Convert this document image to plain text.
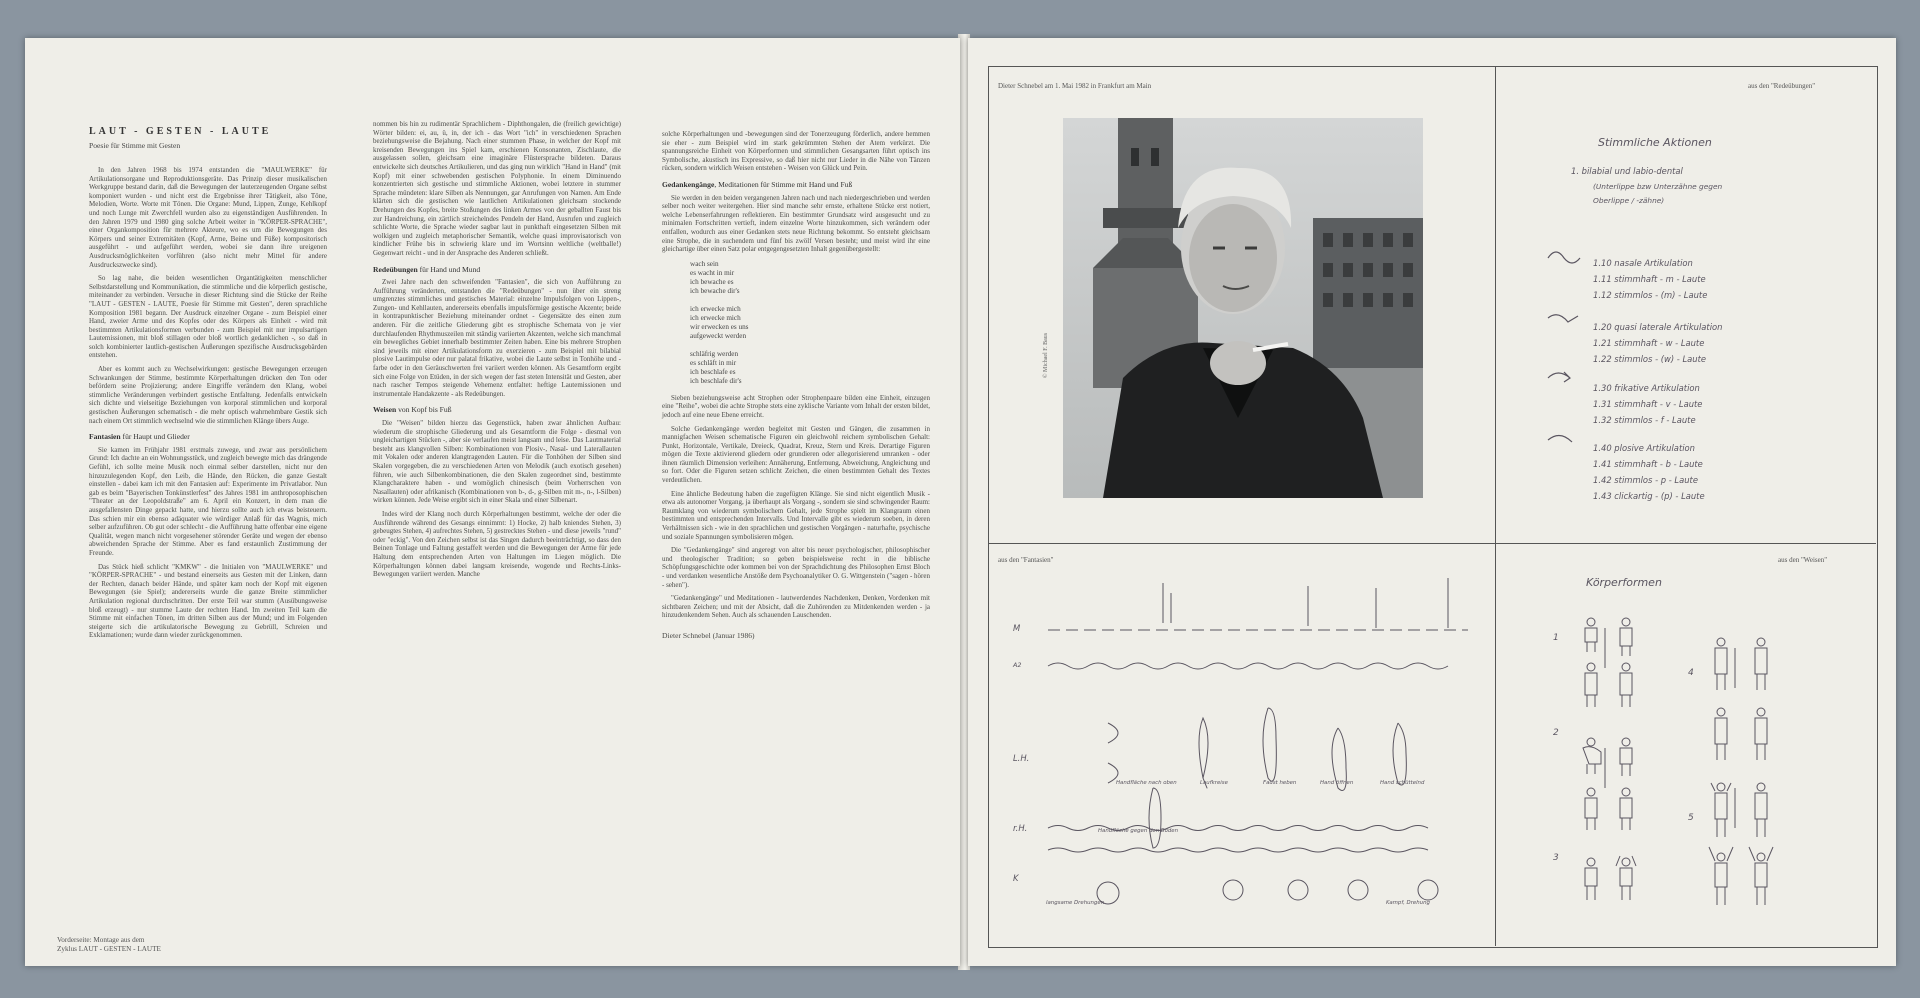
LAUT - GESTEN - LAUTE
Poesie für Stimme mit Gesten

In den Jahren 1968 bis 1974 entstanden die "MAULWERKE" für Artikulationsorgane und Reproduktionsgeräte. Das Prinzip dieser musikalischen Werkgruppe bestand darin, daß die Bewegungen der lauterzeugenden Organe selbst komponiert wurden - und nicht erst die Ergebnisse ihrer Tätigkeit, also Töne, Melodien, Worte. Worte mit Tönen. Die Organe: Mund, Lippen, Zunge, Kehlkopf und noch Lunge mit Zwerchfell wurden also zu eigenständigen Ausführenden. In den Jahren 1979 und 1980 ging solche Arbeit weiter in "KÖRPER-SPRACHE", einer Organkomposition für mehrere Akteure, wo es um die Bewegungen des Körpers und seiner Extremitäten (Kopf, Arme, Beine und Füße) kompositorisch ausgeführt - und aufgeführt werden, wobei sie dann ihre ureigenen Ausdrucksmöglichkeiten vorführen (also nicht mehr Mittel für andere Ausdruckszwecke sind).

So lag nahe, die beiden wesentlichen Organtätigkeiten menschlicher Selbstdarstellung und Kommunikation, die stimmliche und die körperlich gestische, miteinander zu verbinden. Versuche in dieser Richtung sind die Stücke der Reihe "LAUT - GESTEN - LAUTE, Poesie für Stimme mit Gesten", deren sprachliche Komposition 1981 begann. Der Ausdruck einzelner Organe - zum Beispiel einer Hand, zweier Arme und des Kopfes oder des Körpers als Einheit - wird mit bestimmten Artikulationsformen verbunden - zum Beispiel mit nur impulsartigen Lautemissionen, mit bloß stillagen oder bloß wortlich gedanklichen -, so daß in solch kombinierter lautlich-gestischen Äußerungen spezifische Ausdrucksgebärden entstehen.

Aber es kommt auch zu Wechselwirkungen: gestische Bewegungen erzeugen Schwankungen der Stimme, bestimmte Körperhaltungen drücken den Ton oder befördern seine Projizierung; andere Eingriffe verändern den Klang, wobei stimmliche Veränderungen verbindert gestische Entfaltung. Jedenfalls entwickeln sich dichte und vielseitige Beziehungen von korporal stimmlichen und korporal gestischen Äußerungen schematisch - die mehr optisch wahrnehmbare Gestik sich nach einem Ort stimmlich wechselnd wie die stimmlichen Klänge übers Auge.

Fantasien für Haupt und Glieder

Sie kamen im Frühjahr 1981 erstmals zuwege, und zwar aus persönlichem Grund: Ich dachte an ein Wohnungsstück, und zugleich bewegte mich das drängende Gefühl, ich sollte meine Musik noch einmal selber darstellen, nicht nur den hinzuzulegenden Kopf, den Leib, die Hände, den Rücken, die ganze Gestalt einstellen - dabei kam ich mit den Fantasien auf: Experimente im Privatlabor. Nun gab es beim "Bayerischen Tonkünstlerfest" des Jahres 1981 im anthroposophischen "Theater an der Leopoldstraße" am 6. April ein Konzert, in dem man die ausgefallensten Dinge gepackt hatte, und hierzu sollte auch ich etwas beisteuern. Das schien mir ein ebenso adäquater wie würdiger Anlaß für das Wagnis, mich selber aufzuführen. Ob gut oder schlecht - die Aufführung hatte offenbar eine eigene Qualität, wegen manch nicht vorgesehener störender Geräte und wegen der ebenso abweichenden Sprache der Stimme. Aber es fand erstaunlich Zustimmung der Freunde.

Das Stück hieß schlicht "KMKW" - die Initialen von "MAULWERKE" und "KÖRPER-SPRACHE" - und bestand einerseits aus Gesten mit der Linken, dann der Rechten, danach beider Hände, und später kam noch der Kopf mit eigenen Bewegungen (sie Spiel); andererseits wurde die ganze Breite stimmlicher Artikulation regional durchschritten. Der erste Teil war stumm (Ausübungsweise bloß erzeugt) - nur stumme Laute der rechten Hand. Im zweiten Teil kam die Stimme mit einfachen Tönen, im dritten Silben aus der Mund; und im Folgenden steigerte sich die artikulatorische Bewegung zu Gebrüll, Schreien und Exklamationen; wurde dann wieder zurückgenommen.

nommen bis hin zu rudimentär Sprachlichem - Diphthongalen, die (freilich gewichtige) Wörter bilden: ei, au, ü, in, der ich - das Wort "ich" in verschiedenen Sprachen beziehungsweise die Bejahung. Nach einer stummen Phase, in welcher der Kopf mit kreisenden Bewegungen ins Spiel kam, erschienen Konsonanten, Zischlaute, die ausgelassen sollen, gleichsam eine imaginäre Flüstersprache bildeten. Daraus entwickelte sich deutsches Artikulieren, und das ging nun wirklich "Hand in Hand" (mit Kopf) mit einer schwebenden gestischen Polyphonie. In einem Diminuendo konzentrierten sich gestische und stimmliche Aktionen, wobei letztere in stummer Sprache mündeten: klare Silben als Nennungen, gar Anrufungen von Namen. Am Ende klärten sich die gestischen wie lautlichen Artikulationen gleichsam stockende Drehungen des Kopfes, breite Stoßungen des linken Armes von der geballten Faust bis zur Handreichung, ein zärtlich streichelndes Pendeln der Hand, Ausrufen und zugleich schlichte Worte, die Sprache wieder sagbar laut in punkthaft eingesetzten Silben mit wolkigen und zugleich metaphorischer Semantik, welche quasi improvisatorisch von kindlicher Frühe bis in schwierig klare und im Wortsinn weltliche (weltballe!) Gegenwart reicht - und in der Ansprache des Anderen schließt.

Redeübungen für Hand und Mund

Zwei Jahre nach den schweifenden "Fantasien", die sich von Aufführung zu Aufführung veränderten, entstanden die "Redeübungen" - nun über ein streng umgrenztes stimmliches und gestisches Material: einzelne Impulsfolgen von Lippen-, Zungen- und Kehllauten, andererseits ebenfalls impulsförmige gestische Akzente; beide in kontrapunktischer Beziehung miteinander ordnet - Gegensätze des einen zum anderen. Für die zeitliche Gliederung gibt es strophische Schemata von je vier durchlaufenden Rhythmuszeilen mit ständig variierten Akzenten, welche sich manchmal ein bewegliches Gebiet innerhalb bestimmter Zeiten haben. Eine bis mehrere Strophen sind jeweils mit einer Artikulationsform zu exerzieren - zum Beispiel mit bilabial plosive Lautimpulse oder nur palatal frikative, wobei die Laute selbst in Tonhöhe und -farbe oder in den Geräuschwerten frei variiert werden können. Als Gesamtform ergibt sich eine Folge von Etüden, in der sich wegen der fast steten Intensität und Gesten, aber nach rascher Tempos steigende Vehemenz entfaltet: heftige Lautemissionen und instrumentale Handakzente - als Redeübungen.

Weisen von Kopf bis Fuß

Die "Weisen" bilden hierzu das Gegenstück, haben zwar ähnlichen Aufbau: wiederum die strophische Gliederung und als Gesamtform die Folge - diesmal von ungleichartigen Stücken -, aber sie verlaufen meist langsam und leise. Das Lautmaterial besteht aus klangvollen Silben: Kombinationen von Plosiv-, Nasal- und Laterallauten mit Vokalen oder anderen klangtragenden Lauten. Für die Tonhöhen der Silben sind Skalen vorgegeben, die zu verschiedenen Arten von Melodik (auch exotisch gesehen) führen, wie auch Silbenkombinationen, die den Skalen zugeordnet sind, bestimmte Klangcharaktere haben - und womöglich chinesisch (beim Vorherrschen von Nasallauten) oder afrikanisch (Kombinationen von b-, d-, g-Silben mit m-, n-, l-Silben) wirken können. Jede Weise ergibt sich in einer Skala und einer Silbenart.

Indes wird der Klang noch durch Körperhaltungen bestimmt, welche der oder die Ausführende während des Gesangs einnimmt: 1) Hocke, 2) halb kniendes Stehen, 3) gebeugtes Stehen, 4) aufrechtes Stehen, 5) gestrecktes Stehen - und diese jeweils "rund" oder "eckig". Von den Zeichen selbst ist das Singen dadurch beeinträchtigt, so dass den Beinen Tonlage und Faltung gestaffelt werden und die Bewegungen der Arme für jede Haltung dem entsprechenden Arten von Haltungen im Liegen möglich. Die Körperhaltungen können dabei langsam kreisende, wogende und Rechts-Links-Bewegungen variiert werden. Manche

solche Körperhaltungen und -bewegungen sind der Tonerzeugung förderlich, andere hemmen sie eher - zum Beispiel wird im stark gekrümmten Stehen der Atem verkürzt. Die spannungsreiche Einheit von Körperformen und stimmlichen Gesangsarten führt optisch ins Symbolische, akustisch ins Expressive, so daß hier nicht nur Lieder in die Nähe von Tänzen rücken, sondern wirklich Weisen entstehen - Weisen von Glück und Pein.

Gedankengänge, Meditationen für Stimme mit Hand und Fuß

Sie werden in den beiden vergangenen Jahren nach und nach niedergeschrieben und werden selber noch weiter weitergehen. Hier sind manche sehr ernste, erhaltene Stücke erst notiert, welche Lebenserfahrungen reflektieren. Ein bestimmter Grundsatz wird ausgesucht und zu minimalen Fortschritten vertieft, indem einzelne Worte hinzukommen, sich verändern oder entfallen, wodurch aus einer Gedanken stets neue Richtung bekommt. So entsteht gleichsam eine Strophe, die in suchendem und fünf bis zwölf Versen besteht; und meist wird ihr eine gleichartige über einen Satz polar entgegengesetzten Inhalt gegenübergestellt:

wach sein
es wacht in mir
ich bewache es
ich bewache dir's

ich erwecke mich
ich erwecke mich
wir erwecken es uns
aufgeweckt werden

schläfrig werden
es schläft in mir
ich beschlafe es
ich beschlafe dir's

Sieben beziehungsweise acht Strophen oder Strophenpaare bilden eine Einheit, einzugen eine "Reihe", wobei die achte Strophe stets eine zyklische Variante vom Inhalt der ersten bildet, jedoch auf eine neue Ebene erreicht.

Solche Gedankengänge werden begleitet mit Gesten und Gängen, die zusammen in mannigfachen Weisen schematische Figuren ein gleichwohl reichem symbolischen Gehalt: Punkt, Horizontale, Vertikale, Dreieck, Quadrat, Kreuz, Stern und Kreis. Derartige Figuren mögen die Texte aktivierend gliedern oder grundieren oder allegorisierend umranken - oder ihnen räumlich Dimension verleihen: Annäherung, Entfernung, Abweichung, Angleichung und so fort. Oder die Figuren setzen schlicht Zeichen, die einen bestimmten Gehalt des Textes verdeutlichen.

Eine ähnliche Bedeutung haben die zugefügten Klänge. Sie sind nicht eigentlich Musik - etwa als autonomer Vorgang, ja überhaupt als Vorgang -, sondern sie sind schwingender Raum: Raumklang von wiederum symbolischem Gehalt, jede Strophe spielt im Klangraum einen bestimmten und entsprechenden Intervalls. Und Intervalle gibt es wiederum soeben, in deren Verhältnissen sich - wie in den sprachlichen und gestischen Vorgängen - naturhafte, psychische und soziale Spannungen symbolisieren mögen.

Die "Gedankengänge" sind angeregt von alter bis neuer psychologischer, philosophischer und theologischer Tradition; so geben beispielsweise recht in die biblische Schöpfungsgeschichte oder kommen bei von der Sprachdichtung des Philosophen Ernst Bloch - und verdanken wesentliche Anstöße dem Psychoanalytiker O. G. Wittgenstein ("sagen - hören - sehen").

"Gedankengänge" und Meditationen - lautwerdendes Nachdenken, Denken, Vordenken mit sichtbaren Zeichen; und mit der Absicht, daß die Zuhörenden zu Mitdenkenden werden - ja hinzudenkendem Sehen. Auch als schauenden Lauschenden.

Dieter Schnebel (Januar 1986)
Vorderseite: Montage aus dem
Zyklus LAUT - GESTEN - LAUTE
Dieter Schnebel am 1. Mai 1982 in Frankfurt am Main	aus den "Redeübungen"
aus den "Fantasien"	aus den "Weisen"
© Michael F. Baus
Stimmliche Aktionen
1. bilabial und labio-dental
(Unterlippe bzw Unterzähne gegen
Oberlippe / -zähne)
1.10 nasale Artikulation
1.11 stimmhaft - m - Laute
1.12 stimmlos - (m) - Laute
1.20 quasi laterale Artikulation
1.21 stimmhaft - w - Laute
1.22 stimmlos - (w) - Laute
1.30 frikative Artikulation
1.31 stimmhaft - v - Laute
1.32 stimmlos - f - Laute
1.40 plosive Artikulation
1.41 stimmhaft - b - Laute
1.42 stimmlos - p - Laute
1.43 clickartig - (p) - Laute
M
A2
L.H.
r.H.
K
Handfläche nach oben	Laufkreise	Faust heben	Hand öffnen	Hand schüttelnd
Handfläche gegen den Boden
langsame Drehungen	Kampf, Drehung
Körperformen
1
2
3
4
5
